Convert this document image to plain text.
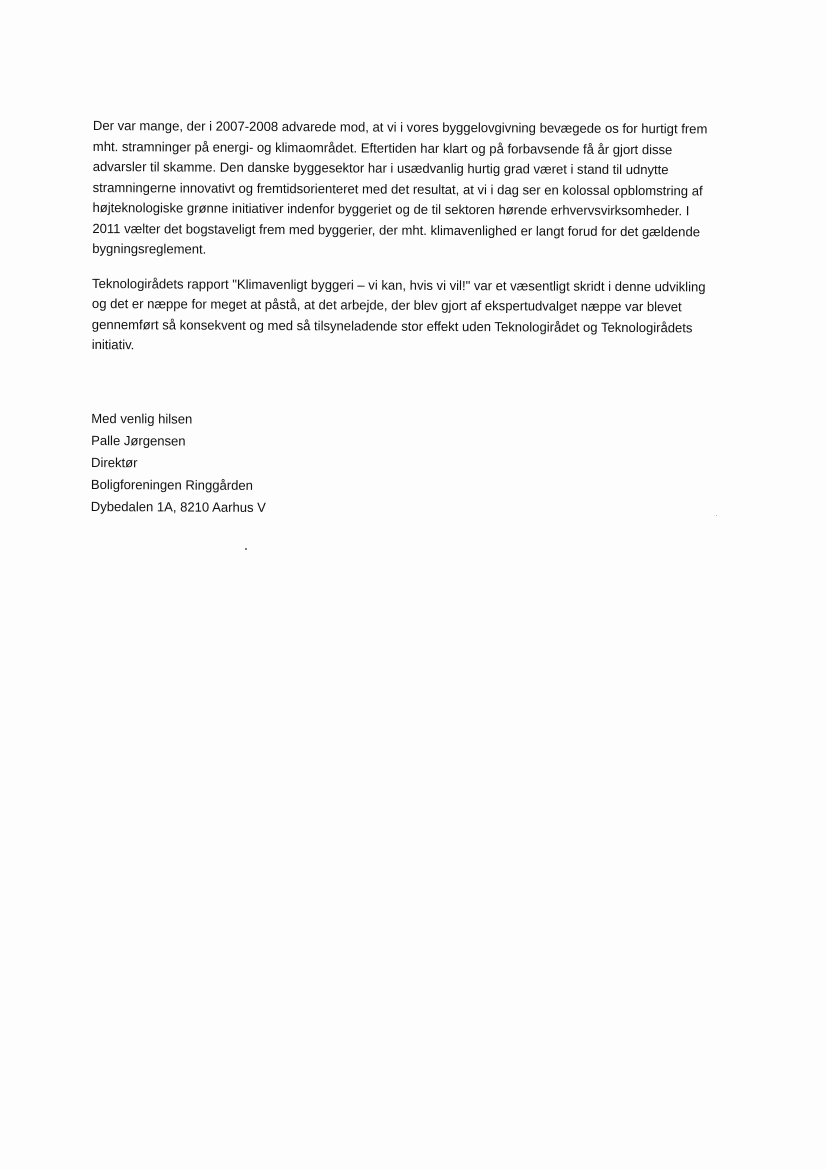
Der var mange, der i 2007-2008 advarede mod, at vi i vores byggelovgivning bevægede os for hurtigt frem
mht. stramninger på energi- og klimaområdet. Eftertiden har klart og på forbavsende få år gjort disse
advarsler til skamme. Den danske byggesektor har i usædvanlig hurtig grad været i stand til udnytte
stramningerne innovativt og fremtidsorienteret med det resultat, at vi i dag ser en kolossal opblomstring af
højteknologiske grønne initiativer indenfor byggeriet og de til sektoren hørende erhvervsvirksomheder. I
2011 vælter det bogstaveligt frem med byggerier, der mht. klimavenlighed er langt forud for det gældende
bygningsreglement.

Teknologirådets rapport "Klimavenligt byggeri – vi kan, hvis vi vil!" var et væsentligt skridt i denne udvikling
og det er næppe for meget at påstå, at det arbejde, der blev gjort af ekspertudvalget næppe var blevet
gennemført så konsekvent og med så tilsyneladende stor effekt uden Teknologirådet og Teknologirådets
initiativ.

Med venlig hilsen
Palle Jørgensen
Direktør
Boligforeningen Ringgården
Dybedalen 1A, 8210 Aarhus V
